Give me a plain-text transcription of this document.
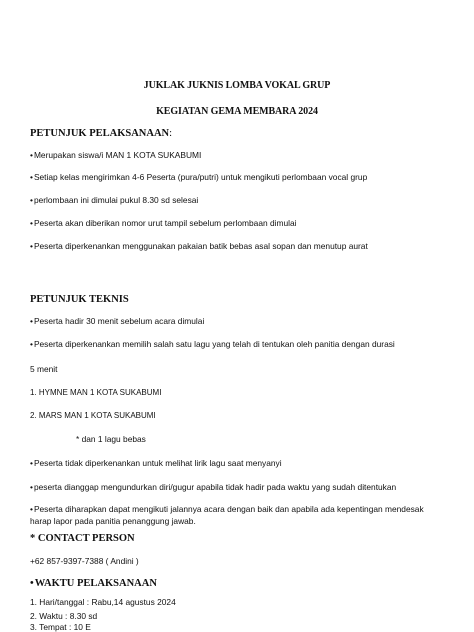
JUKLAK JUKNIS LOMBA VOKAL GRUP
KEGIATAN GEMA MEMBARA 2024
PETUNJUK PELAKSANAAN:
•Merupakan siswa/i MAN 1 KOTA SUKABUMI
•Setiap kelas mengirimkan 4-6 Peserta (pura/putri) untuk mengikuti perlombaan vocal grup
•perlombaan ini dimulai pukul 8.30 sd selesai
•Peserta akan diberikan nomor urut tampil sebelum perlombaan dimulai
•Peserta diperkenankan menggunakan pakaian batik bebas asal sopan dan menutup aurat
PETUNJUK TEKNIS
•Peserta hadir 30 menit sebelum acara dimulai
•Peserta diperkenankan memilih salah satu lagu yang telah di tentukan oleh panitia dengan durasi
5 menit
1. HYMNE MAN 1 KOTA SUKABUMI
2. MARS MAN 1 KOTA SUKABUMI
* dan 1 lagu bebas
•Peserta tidak diperkenankan untuk melihat lirik lagu saat menyanyi
•peserta dianggap mengundurkan diri/gugur apabila tidak hadir pada waktu yang sudah ditentukan
•Peserta diharapkan dapat mengikuti jalannya acara dengan baik dan apabila ada kepentingan mendesak harap lapor pada panitia penanggung jawab.
* CONTACT PERSON
+62 857-9397-7388 ( Andini )
•WAKTU PELAKSANAAN
1. Hari/tanggal : Rabu,14 agustus 2024
2. Waktu : 8.30 sd
3. Tempat : 10 E
